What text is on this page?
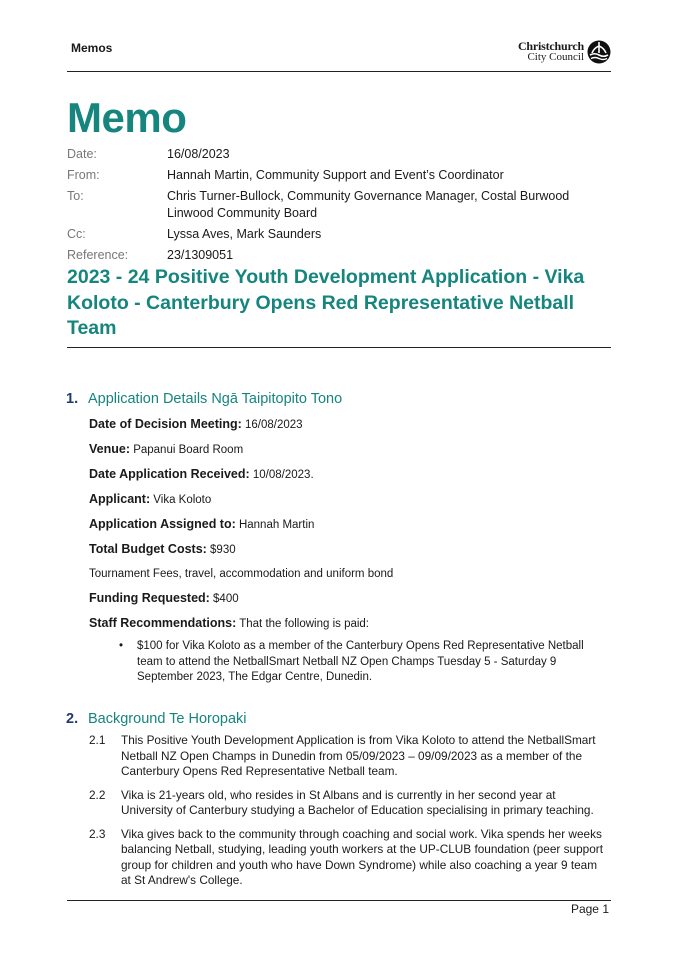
Memos	Christchurch
City Council
Memo
Date:	16/08/2023
From:	Hannah Martin, Community Support and Event’s Coordinator
To:	Chris Turner-Bullock, Community Governance Manager, Costal Burwood Linwood Community Board
Cc:	Lyssa Aves, Mark Saunders
Reference:	23/1309051
2023 - 24 Positive Youth Development Application - Vika Koloto - Canterbury Opens Red Representative Netball Team
1. Application Details Ngā Taipitopito Tono
Date of Decision Meeting: 16/08/2023
Venue: Papanui Board Room
Date Application Received: 10/08/2023.
Applicant: Vika Koloto
Application Assigned to: Hannah Martin
Total Budget Costs: $930
Tournament Fees, travel, accommodation and uniform bond
Funding Requested: $400
Staff Recommendations: That the following is paid:
•	$100 for Vika Koloto as a member of the Canterbury Opens Red Representative Netball team to attend the NetballSmart Netball NZ Open Champs Tuesday 5 - Saturday 9 September 2023, The Edgar Centre, Dunedin.
2. Background Te Horopaki
2.1	This Positive Youth Development Application is from Vika Koloto to attend the NetballSmart Netball NZ Open Champs in Dunedin from 05/09/2023 – 09/09/2023 as a member of the Canterbury Opens Red Representative Netball team.
2.2	Vika is 21-years old, who resides in St Albans and is currently in her second year at University of Canterbury studying a Bachelor of Education specialising in primary teaching.
2.3	Vika gives back to the community through coaching and social work. Vika spends her weeks balancing Netball, studying, leading youth workers at the UP-CLUB foundation (peer support group for children and youth who have Down Syndrome) while also coaching a year 9 team at St Andrew's College.
Page 1
